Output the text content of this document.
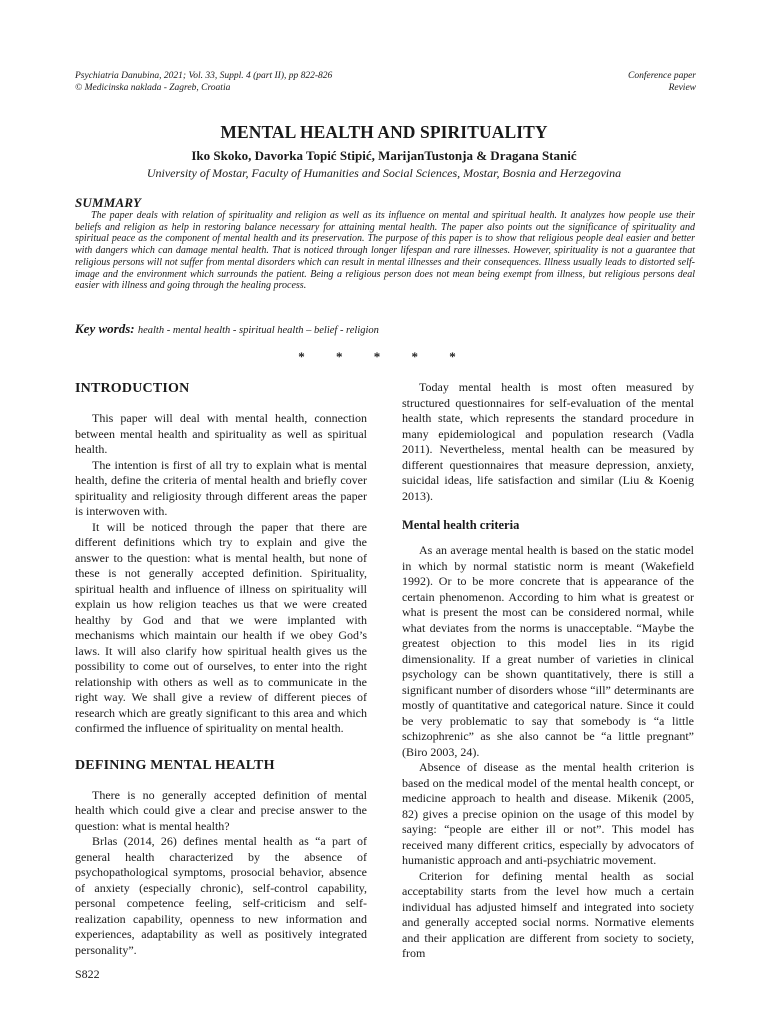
Psychiatria Danubina, 2021; Vol. 33, Suppl. 4 (part II), pp 822-826
© Medicinska naklada - Zagreb, Croatia
Conference paper
Review
MENTAL HEALTH AND SPIRITUALITY
Iko Skoko, Davorka Topić Stipić, MarijanTustonja & Dragana Stanić
University of Mostar, Faculty of Humanities and Social Sciences, Mostar, Bosnia and Herzegovina
SUMMARY
The paper deals with relation of spirituality and religion as well as its influence on mental and spiritual health. It analyzes how people use their beliefs and religion as help in restoring balance necessary for attaining mental health. The paper also points out the significance of spirituality and spiritual peace as the component of mental health and its preservation. The purpose of this paper is to show that religious people deal easier and better with dangers which can damage mental health. That is noticed through longer lifespan and rare illnesses. However, spirituality is not a guarantee that religious persons will not suffer from mental disorders which can result in mental illnesses and their consequences. Illness usually leads to distorted self-image and the environment which surrounds the patient. Being a religious person does not mean being exempt from illness, but religious persons deal easier with illness and going through the healing process.
Key words: health - mental health - spiritual health – belief - religion
* * * * *
INTRODUCTION

This paper will deal with mental health, connection between mental health and spirituality as well as spiritual health.

The intention is first of all try to explain what is mental health, define the criteria of mental health and briefly cover spirituality and religiosity through different areas the paper is interwoven with.

It will be noticed through the paper that there are different definitions which try to explain and give the answer to the question: what is mental health, but none of these is not generally accepted definition. Spirituality, spiritual health and influence of illness on spirituality will explain us how religion teaches us that we were created healthy by God and that we were implanted with mechanisms which maintain our health if we obey God’s laws. It will also clarify how spiritual health gives us the possibility to come out of ourselves, to enter into the right relationship with others as well as to communicate in the right way. We shall give a review of different pieces of research which are greatly significant to this area and which confirmed the influence of spirituality on mental health.

DEFINING MENTAL HEALTH

There is no generally accepted definition of mental health which could give a clear and precise answer to the question: what is mental health?

Brlas (2014, 26) defines mental health as “a part of general health characterized by the absence of psychopathological symptoms, prosocial behavior, absence of anxiety (especially chronic), self-control capability, personal competence feeling, self-criticism and self-realization capability, openness to new information and experiences, adaptability as well as positively integrated personality”.

Today mental health is most often measured by structured questionnaires for self-evaluation of the mental health state, which represents the standard procedure in many epidemiological and population research (Vadla 2011). Nevertheless, mental health can be measured by different questionnaires that measure depression, anxiety, suicidal ideas, life satisfaction and similar (Liu & Koenig 2013).

Mental health criteria

As an average mental health is based on the static model in which by normal statistic norm is meant (Wakefield 1992). Or to be more concrete that is appearance of the certain phenomenon. According to him what is greatest or what is present the most can be considered normal, while what deviates from the norms is unacceptable. “Maybe the greatest objection to this model lies in its rigid dimensionality. If a great number of varieties in clinical psychology can be shown quantitatively, there is still a significant number of disorders whose “ill” determinants are mostly of quantitative and categorical nature. Since it could be very problematic to say that somebody is “a little schizophrenic” as she also cannot be “a little pregnant” (Biro 2003, 24).

Absence of disease as the mental health criterion is based on the medical model of the mental health concept, or medicine approach to health and disease. Mikenik (2005, 82) gives a precise opinion on the usage of this model by saying: “people are either ill or not”. This model has received many different critics, especially by advocators of humanistic approach and anti-psychiatric movement.

Criterion for defining mental health as social acceptability starts from the level how much a certain individual has adjusted himself and integrated into society and generally accepted social norms. Normative elements and their application are different from society to society, from

S822
